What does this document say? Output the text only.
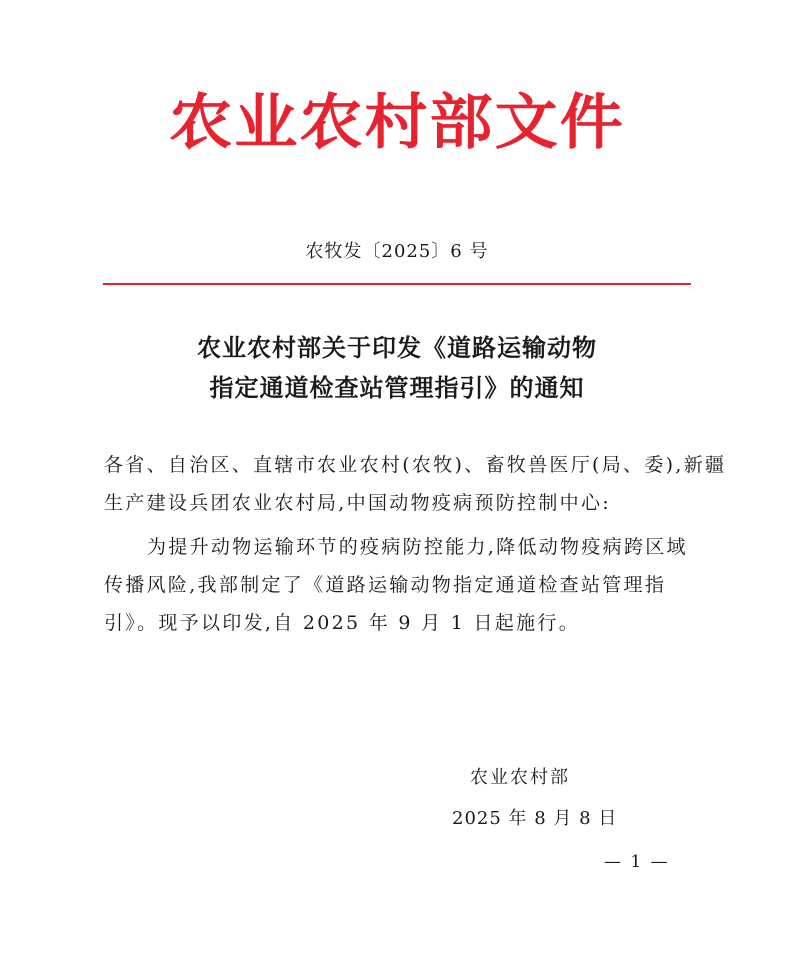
农业农村部文件
农牧发〔2025〕6 号
农业农村部关于印发《道路运输动物
指定通道检查站管理指引》的通知
各省、自治区、直辖市农业农村(农牧)、畜牧兽医厅(局、委),新疆
生产建设兵团农业农村局,中国动物疫病预防控制中心:
为提升动物运输环节的疫病防控能力,降低动物疫病跨区域
传播风险,我部制定了《道路运输动物指定通道检查站管理指
引》。现予以印发,自 2025 年 9 月 1 日起施行。
农业农村部
2025 年 8 月 8 日
— 1 —
